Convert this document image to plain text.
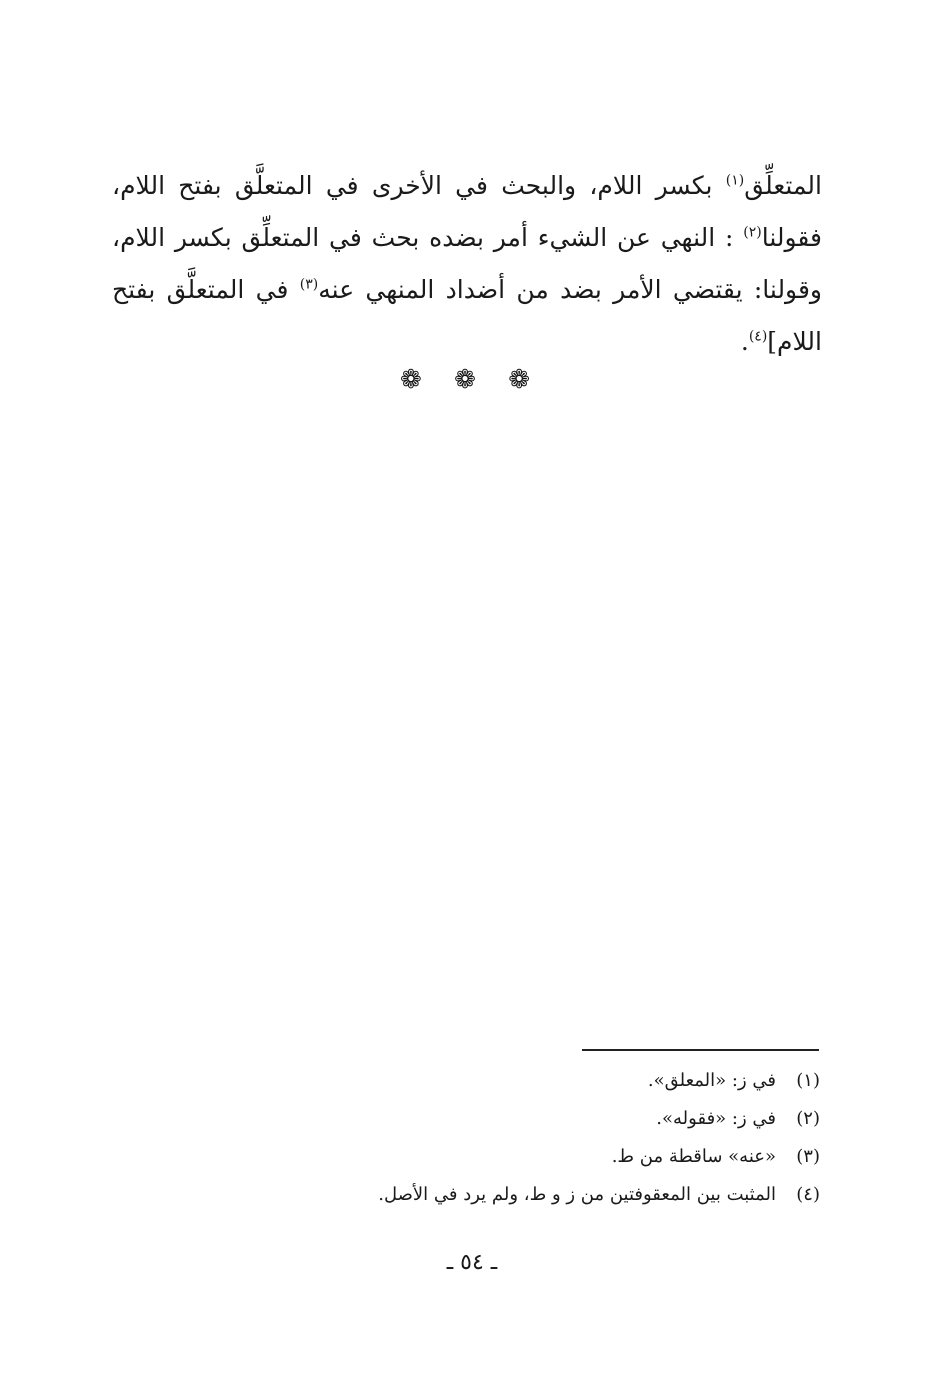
المتعلِّق$^{(١)}$ بكسر اللام، والبحث في الأخرى في المتعلَّق بفتح اللام، فقولنا$^{(٢)}$ : النهي عن الشيء أمر بضده بحث في المتعلِّق بكسر اللام، وقولنا: يقتضي الأمر بضد من أضداد المنهي عنه$^{(٣)}$ في المتعلَّق بفتح اللام]$^{(٤)}$.

❁ ❁ ❁
(١)في ز: «المعلق».
(٢)في ز: «فقوله».
(٣)«عنه» ساقطة من ط.
(٤)المثبت بين المعقوفتين من ز و ط، ولم يرد في الأصل.
ـ ٥٤ ـ
